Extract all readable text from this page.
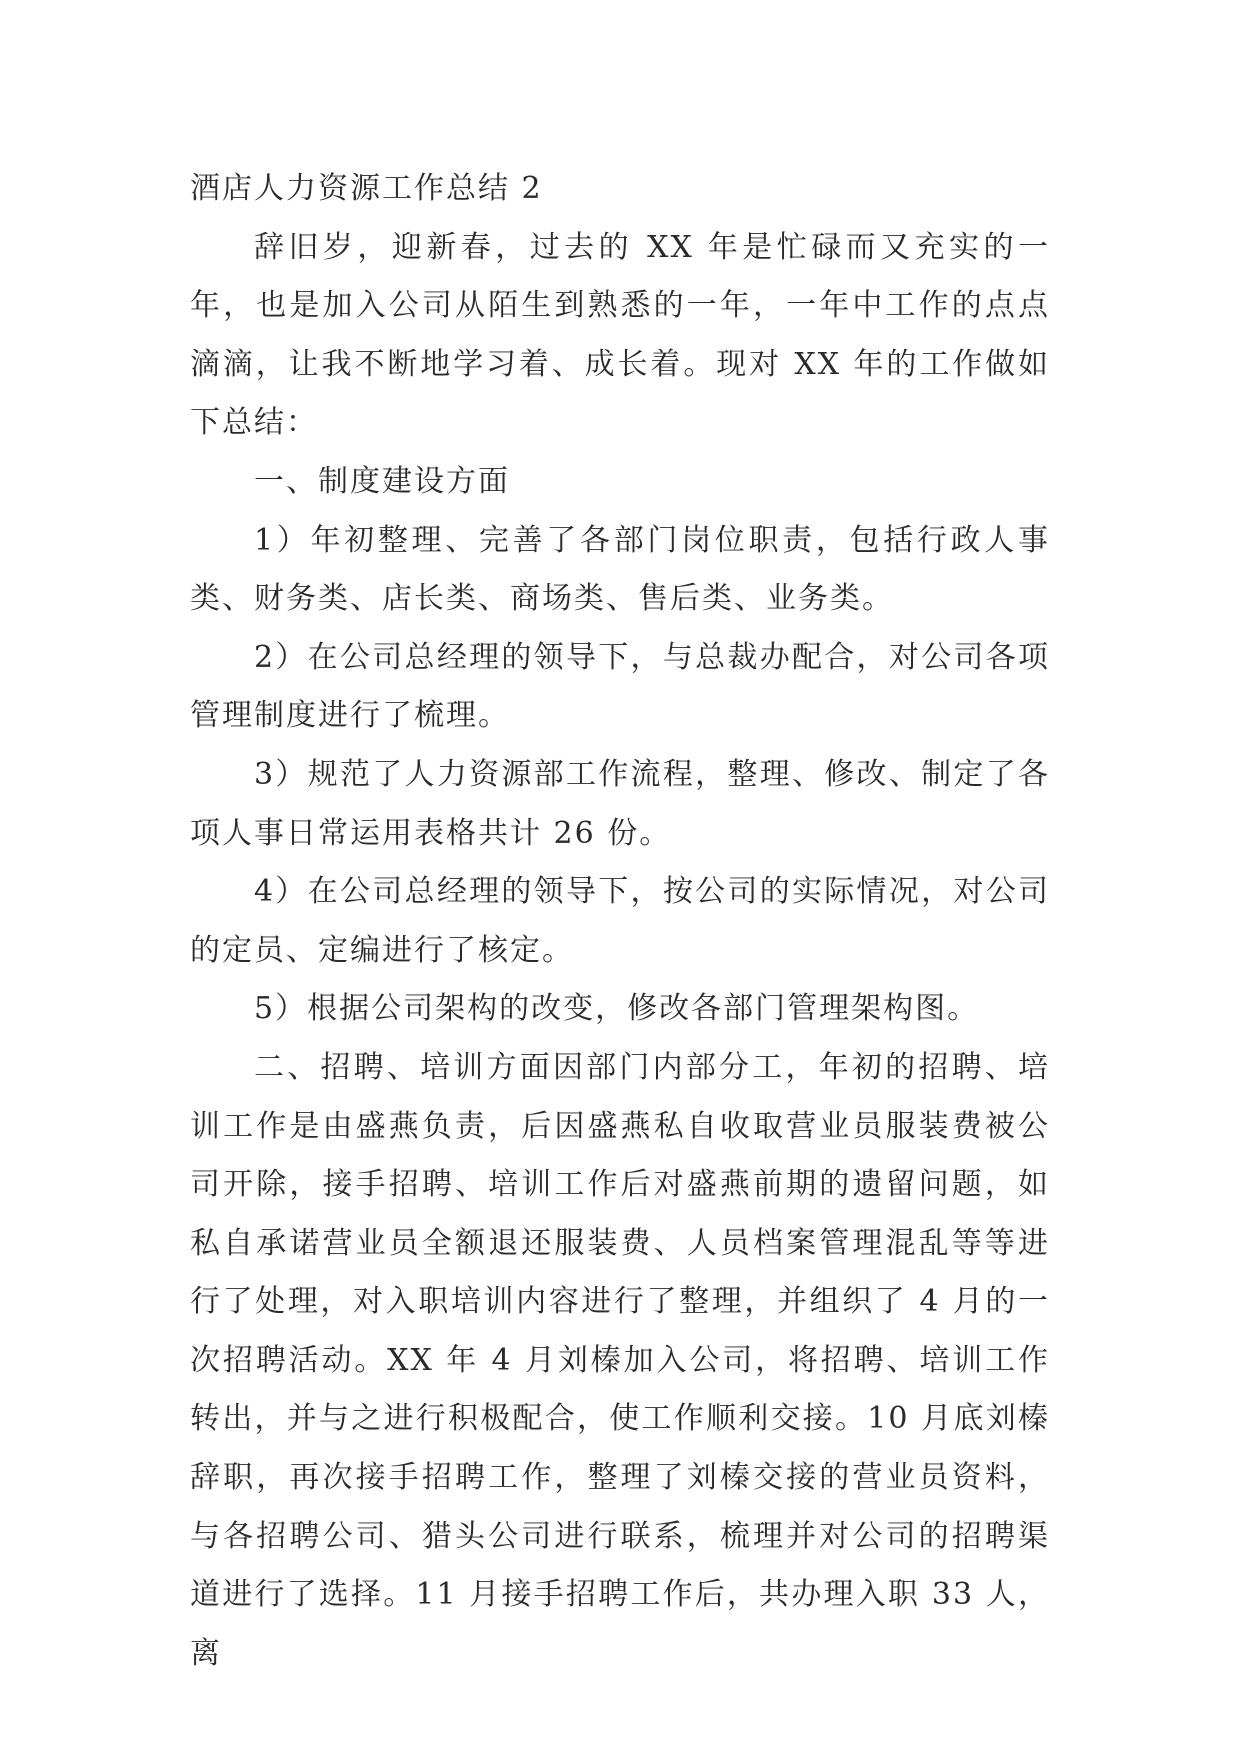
酒店人力资源工作总结 2

辞旧岁，迎新春，过去的 XX 年是忙碌而又充实的一年，也是加入公司从陌生到熟悉的一年，一年中工作的点点滴滴，让我不断地学习着、成长着。现对 XX 年的工作做如下总结：

一、制度建设方面

1）年初整理、完善了各部门岗位职责，包括行政人事类、财务类、店长类、商场类、售后类、业务类。

2）在公司总经理的领导下，与总裁办配合，对公司各项管理制度进行了梳理。

3）规范了人力资源部工作流程，整理、修改、制定了各项人事日常运用表格共计 26 份。

4）在公司总经理的领导下，按公司的实际情况，对公司的定员、定编进行了核定。

5）根据公司架构的改变，修改各部门管理架构图。

二、招聘、培训方面因部门内部分工，年初的招聘、培训工作是由盛燕负责，后因盛燕私自收取营业员服装费被公司开除，接手招聘、培训工作后对盛燕前期的遗留问题，如私自承诺营业员全额退还服装费、人员档案管理混乱等等进行了处理，对入职培训内容进行了整理，并组织了 4 月的一次招聘活动。XX 年 4 月刘榛加入公司，将招聘、培训工作转出，并与之进行积极配合，使工作顺利交接。10 月底刘榛辞职，再次接手招聘工作，整理了刘榛交接的营业员资料，与各招聘公司、猎头公司进行联系，梳理并对公司的招聘渠道进行了选择。11 月接手招聘工作后，共办理入职 33 人，离
